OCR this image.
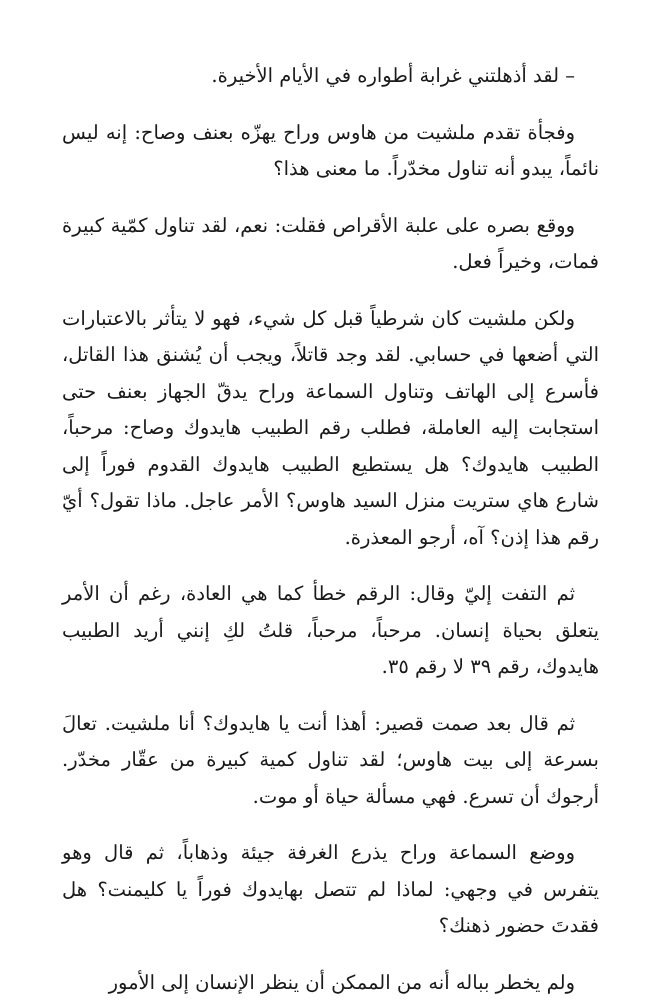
– لقد أذهلتني غرابة أطواره في الأيام الأخيرة.

وفجأة تقدم ملشيت من هاوس وراح يهزّه بعنف وصاح: إنه ليس نائماً، يبدو أنه تناول مخدّراً. ما معنى هذا؟

ووقع بصره على علبة الأقراص فقلت: نعم، لقد تناول كمّية كبيرة فمات، وخيراً فعل.

ولكن ملشيت كان شرطياً قبل كل شيء، فهو لا يتأثر بالاعتبارات التي أضعها في حسابي. لقد وجد قاتلاً، ويجب أن يُشنق هذا القاتل، فأسرع إلى الهاتف وتناول السماعة وراح يدقّ الجهاز بعنف حتى استجابت إليه العاملة، فطلب رقم الطبيب هايدوك وصاح: مرحباً، الطبيب هايدوك؟ هل يستطيع الطبيب هايدوك القدوم فوراً إلى شارع هاي ستريت منزل السيد هاوس؟ الأمر عاجل. ماذا تقول؟ أيّ رقم هذا إذن؟ آه، أرجو المعذرة.

ثم التفت إليّ وقال: الرقم خطأ كما هي العادة، رغم أن الأمر يتعلق بحياة إنسان. مرحباً، مرحباً، قلتُ لكِ إنني أريد الطبيب هايدوك، رقم ٣٩ لا رقم ٣٥.

ثم قال بعد صمت قصير: أهذا أنت يا هايدوك؟ أنا ملشيت. تعالَ بسرعة إلى بيت هاوس؛ لقد تناول كمية كبيرة من عقّار مخدّر. أرجوك أن تسرع. فهي مسألة حياة أو موت.

ووضع السماعة وراح يذرع الغرفة جيئة وذهاباً، ثم قال وهو يتفرس في وجهي: لماذا لم تتصل بهايدوك فوراً يا كليمنت؟ هل فقدتَ حضور ذهنك؟

ولم يخطر بباله أنه من الممكن أن ينظر الإنسان إلى الأمور
